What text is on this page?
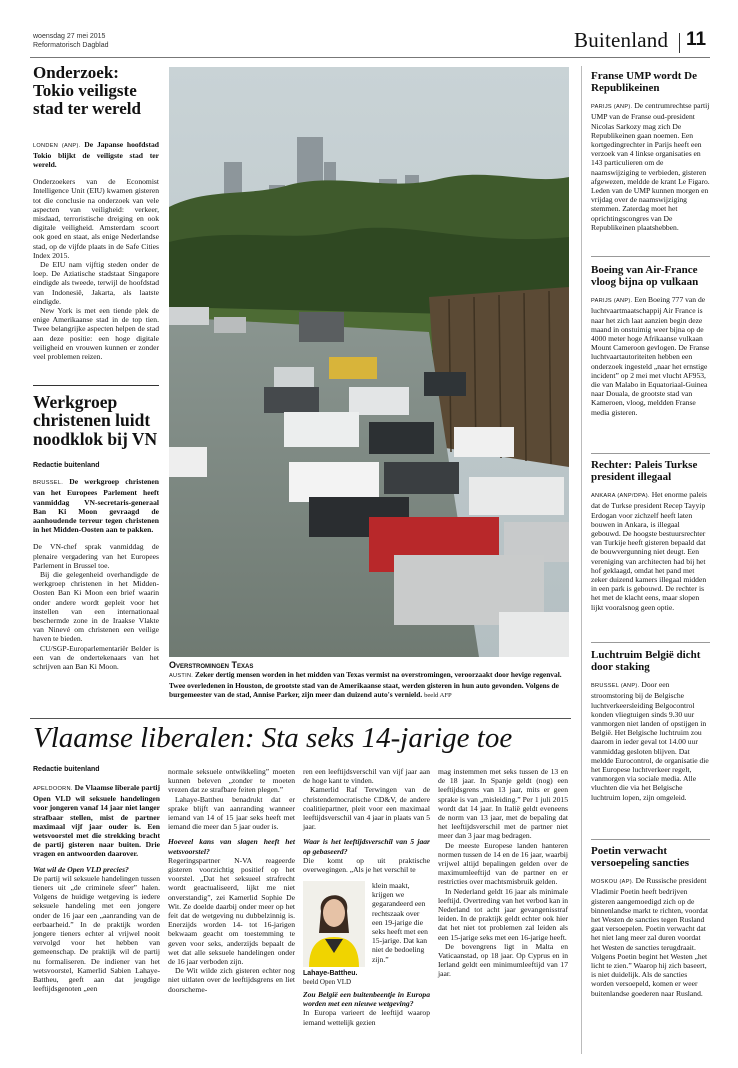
woensdag 27 mei 2015
Reformatorisch Dagblad	Buitenland 11
Onderzoek: Tokio veiligste stad ter wereld

LONDEN (ANP). De Japanse hoofdstad Tokio blijkt de veiligste stad ter wereld.

Onderzoekers van de Economist Intelligence Unit (EIU) kwamen gisteren tot die conclusie na onderzoek van vele aspecten van veiligheid: verkeer, misdaad, terroristische dreiging en ook digitale veiligheid. Amsterdam scoort ook goed en staat, als enige Nederlandse stad, op de vijfde plaats in de Safe Cities Index 2015.

De EIU nam vijftig steden onder de loep. De Aziatische stadstaat Singapore eindigde als tweede, terwijl de hoofdstad van Indonesië, Jakarta, als laatste eindigde.

New York is met een tiende plek de enige Amerikaanse stad in de top tien. Twee belangrijke aspecten helpen de stad aan deze positie: een hoge digitale veiligheid en vrouwen kunnen er zonder veel problemen reizen.

Werkgroep christenen luidt noodklok bij VN
Redactie buitenland

BRUSSEL. De werkgroep christenen van het Europees Parlement heeft vanmiddag VN-secretaris-generaal Ban Ki Moon gevraagd de aanhoudende terreur tegen christenen in het Midden-Oosten aan te pakken.

De VN-chef sprak vanmiddag de plenaire vergadering van het Europees Parlement in Brussel toe.

Bij die gelegenheid overhandigde de werkgroep christenen in het Midden-Oosten Ban Ki Moon een brief waarin onder andere wordt gepleit voor het instellen van een internationaal beschermde zone in de Iraakse Vlakte van Ninevé om christenen een veilige haven te bieden.

CU/SGP-Europarlementariër Belder is een van de ondertekenaars van het schrijven aan Ban Ki Moon.	Overstromingen Texas
AUSTIN. Zeker dertig mensen worden in het midden van Texas vermist na overstromingen, veroorzaakt door hevige regenval. Twee overledenen in Houston, de grootste stad van de Amerikaanse staat, werden gisteren in hun auto gevonden. Volgens de burgemeester van de stad, Annise Parker, zijn meer dan duizend auto's vernield. beeld AFP
Franse UMP wordt De Republikeinen
PARIJS (ANP). De centrumrechtse partij UMP van de Franse oud-president Nicolas Sarkozy mag zich De Republikeinen gaan noemen. Een kortgedingrechter in Parijs heeft een verzoek van 4 linkse organisaties en 143 particulieren om de naamswijziging te verbieden, gisteren afgewezen, meldde de krant Le Figaro. Leden van de UMP kunnen morgen en vrijdag over de naamswijziging stemmen. Zaterdag moet het oprichtingscongres van De Republikeinen plaatshebben.
Boeing van Air-France vloog bijna op vulkaan
PARIJS (ANP). Een Boeing 777 van de luchtvaartmaatschappij Air France is naar het zich laat aanzien begin deze maand in onstuimig weer bijna op de 4000 meter hoge Afrikaanse vulkaan Mount Cameroon gevlogen. De Franse luchtvaartautoriteiten hebben een onderzoek ingesteld „naar het ernstige incident” op 2 mei met vlucht AF953, die van Malabo in Equatoriaal-Guinea naar Douala, de grootste stad van Kameroen, vloog, meldden Franse media gisteren.
Rechter: Paleis Turkse president illegaal
ANKARA (ANP/DPA). Het enorme paleis dat de Turkse president Recep Tayyip Erdogan voor zichzelf heeft laten bouwen in Ankara, is illegaal gebouwd. De hoogste bestuursrechter van Turkije heeft gisteren bepaald dat de bouwvergunning niet deugt. Een vereniging van architecten had bij het hof geklaagd, omdat het pand met zeker duizend kamers illegaal midden in een park is gebouwd. De rechter is het met de klacht eens, maar slopen lijkt vooralsnog geen optie.
Luchtruim België dicht door staking
BRUSSEL (ANP). Door een stroomstoring bij de Belgische luchtverkeersleiding Belgocontrol konden vliegtuigen sinds 9.30 uur vanmorgen niet landen of opstijgen in België. Het Belgische luchtruim zou daarom in ieder geval tot 14.00 uur vanmiddag gesloten blijven. Dat meldde Eurocontrol, de organisatie die het Europese luchtverkeer regelt, vanmorgen via sociale media. Alle vluchten die via het Belgische luchtruim lopen, zijn omgeleid.
Poetin verwacht versoepeling sancties
MOSKOU (AP). De Russische president Vladimir Poetin heeft bedrijven gisteren aangemoedigd zich op de binnenlandse markt te richten, voordat het Westen de sancties tegen Rusland gaat versoepelen. Poetin verwacht dat het niet lang meer zal duren voordat het Westen de sancties terugdraait. Volgens Poetin begint het Westen „het licht te zien.” Waarop hij zich baseert, is niet duidelijk. Als de sancties worden versoepeld, komen er weer buitenlandse goederen naar Rusland.
Vlaamse liberalen: Sta seks 14-jarige toe
Redactie buitenland

APELDOORN. De Vlaamse liberale partij Open VLD wil seksuele handelingen voor jongeren vanaf 14 jaar niet langer strafbaar stellen, mist de partner maximaal vijf jaar ouder is. Een wetsvoorstel met die strekking bracht de partij gisteren naar buiten. Drie vragen en antwoorden daarover.

Wat wil de Open VLD precies?

De partij wil seksuele handelingen tussen tieners uit „de criminele sfeer” halen. Volgens de huidige wetgeving is iedere seksuele handeling met een jongere onder de 16 jaar een „aanranding van de eerbaarheid.” In de praktijk worden jongere tieners echter al vrijwel nooit vervolgd voor het hebben van gemeenschap. De praktijk wil de partij nu formaliseren. De indiener van het wetsvoorstel, Kamerlid Sabien Lahaye-Battheu, geeft aan dat jeugdige leeftijdsgenoten „een

normale seksuele ontwikkeling” moeten kunnen beleven „zonder te moeten vrezen dat ze strafbare feiten plegen.”

Lahaye-Battheu benadrukt dat er sprake blijft van aanranding wanneer iemand van 14 of 15 jaar seks heeft met iemand die meer dan 5 jaar ouder is.

Hoeveel kans van slagen heeft het wetsvoorstel?

Regeringspartner N-VA reageerde gisteren voorzichtig positief op het voorstel. „Dat het seksueel strafrecht wordt geactualiseerd, lijkt me niet onverstandig”, zei Kamerlid Sophie De Wit. Ze doelde daarbij onder meer op het feit dat de wetgeving nu dubbelzinnig is. Enerzijds worden 14- tot 16-jarigen bekwaam geacht om toestemming te geven voor seks, anderzijds bepaalt de wet dat alle seksuele handelingen onder de 16 jaar verboden zijn.

De Wit wilde zich gisteren echter nog niet uitlaten over de leeftijdsgrens en liet doorscheme-

ren een leeftijdsverschil van vijf jaar aan de hoge kant te vinden.

Kamerlid Raf Terwingen van de christendemocratische CD&V, de andere coalitiepartner, pleit voor een maximaal leeftijdsverschil van 4 jaar in plaats van 5 jaar.

Waar is het leeftijdsverschil van 5 jaar op gebaseerd?

Die komt op uit praktische overwegingen. „Als je het verschil te

klein maakt, krijgen we gegarandeerd een rechtszaak over een 19-jarige die seks heeft met een 15-jarige. Dat kan niet de bedoeling zijn.”
Lahaye-Battheu.
beeld Open VLD

Zou België een buitenbeentje in Europa worden met een nieuwe wetgeving?

In Europa varieert de leeftijd waarop iemand wettelijk gezien

mag instemmen met seks tussen de 13 en de 18 jaar. In Spanje geldt (nog) een leeftijdsgrens van 13 jaar, mits er geen sprake is van „misleiding.” Per 1 juli 2015 wordt dat 14 jaar. In Italië geldt eveneens de norm van 13 jaar, met de bepaling dat het leeftijdsverschil met de partner niet meer dan 3 jaar mag bedragen.

De meeste Europese landen hanteren normen tussen de 14 en de 16 jaar, waarbij vrijwel altijd bepalingen gelden over de maximumleeftijd van de partner en er restricties over machtsmisbruik gelden.

In Nederland geldt 16 jaar als minimale leeftijd. Overtreding van het verbod kan in Nederland tot acht jaar gevangenisstraf leiden. In de praktijk geldt echter ook hier dat het niet tot problemen zal leiden als een 15-jarige seks met een 16-jarige heeft.

De bovengrens ligt in Malta en Vaticaanstad, op 18 jaar. Op Cyprus en in Ierland geldt een minimumleeftijd van 17 jaar.
